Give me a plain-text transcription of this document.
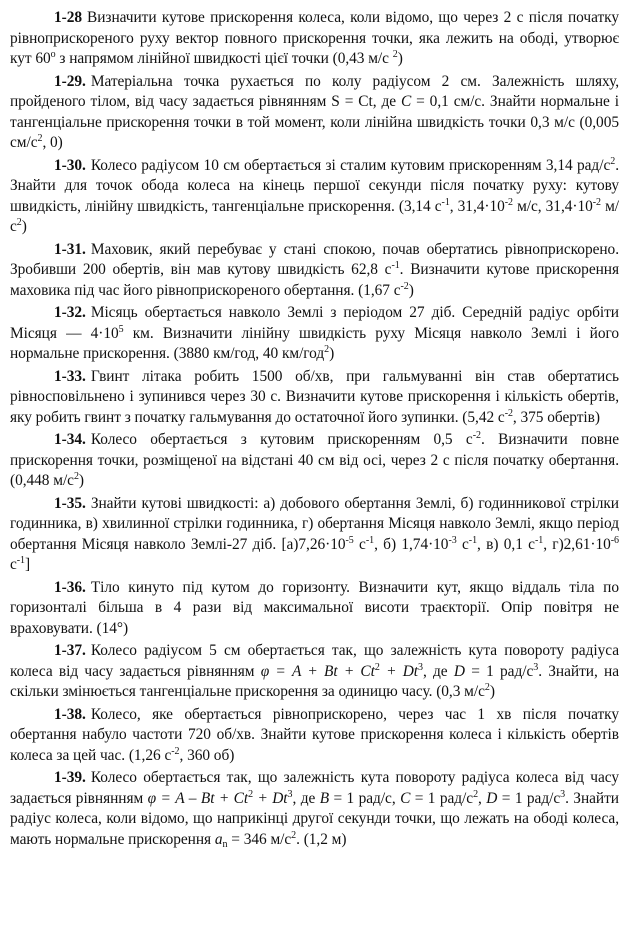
1-28 Визначити кутове прискорення колеса, коли відомо, що через 2 с після початку рівноприскореного руху вектор повного прискорення точки, яка лежить на ободі, утворює кут 60$^o$ з напрямом лінійної швидкості цієї точки (0,43 м/с $^2$)

1-29. Матеріальна точка рухається по колу радіусом 2 см. Залежність шляху, пройденого тілом, від часу задається рівнянням S = Ct, де C = 0,1 см/с. Знайти нормальне і тангенціальне прискорення точки в той момент, коли лінійна швидкість точки 0,3 м/с (0,005 $см/с^2$, 0)

1-30. Колесо радіусом 10 см обертається зі сталим кутовим прискоренням 3,14 рад/$с^2$. Знайти для точок обода колеса на кінець першої секунди після початку руху: кутову швидкість, лінійну швидкість, тангенціальне прискорення. (3,14 $с^{-1}$, $31,4\cdot 10^{-2}$ м/с, $31,4\cdot 10^{-2}$ $м/с^2$)

1-31. Маховик, який перебуває у стані спокою, почав обертатись рівноприскорено. Зробивши 200 обертів, він мав кутову швидкість 62,8 $с^{-1}$. Визначити кутове прискорення маховика під час його рівноприскореного обертання. (1,67 $с^{-2}$)

1-32. Місяць обертається навколо Землі з періодом 27 діб. Середній радіус орбіти Місяця — $4\cdot 10^5$ км. Визначити лінійну швидкість руху Місяця навколо Землі і його нормальне прискорення. (3880 км/год, 40 км/год$^2$)

1-33. Гвинт літака робить 1500 об/хв, при гальмуванні він став обертатись рівносповільнено і зупинився через 30 с. Визначити кутове прискорення і кількість обертів, яку робить гвинт з початку гальмування до остаточної його зупинки. (5,42 $с^{-2}$, 375 обертів)

1-34. Колесо обертається з кутовим прискоренням 0,5 $с^{-2}$. Визначити повне прискорення точки, розміщеної на відстані 40 см від осі, через 2 с після початку обертання. (0,448 $м/с^2$)

1-35. Знайти кутові швидкості: а) добового обертання Землі, б) годинникової стрілки годинника, в) хвилинної стрілки годинника, г) обертання Місяця навколо Землі, якщо період обертання Місяця навколо Землі-27 діб. $[а)7,26\cdot 10^{-5}$ $с^{-1}$, б) $1,74\cdot 10^{-3}$ $с^{-1}$, в) 0,1 $с^{-1}$, $г)2,61\cdot 10^{-6}$ $с^{-1}$]

1-36. Тіло кинуто під кутом до горизонту. Визначити кут, якщо віддаль тіла по горизонталі більша в 4 рази від максимальної висоти траєкторії. Опір повітря не враховувати. (14°)

1-37. Колесо радіусом 5 см обертається так, що залежність кута повороту радіуса колеса від часу задається рівнянням $\varphi = A + Bt + Ct^2 + Dt^3$, де D = 1 рад/$с^3$. Знайти, на скільки змінюється тангенціальне прискорення за одиницю часу. (0,3 $м/с^2$)

1-38. Колесо, яке обертається рівноприскорено, через час 1 хв після початку обертання набуло частоти 720 об/хв. Знайти кутове прискорення колеса і кількість обертів колеса за цей час. (1,26 $с^{-2}$, 360 об)

1-39. Колесо обертається так, що залежність кута повороту радіуса колеса від часу задається рівнянням $\varphi = A - Bt + Ct^2 + Dt^3$, де B = 1 рад/с, C = 1 рад/$с^2$, D = 1 рад/$с^3$. Знайти радіус колеса, коли відомо, що наприкінці другої секунди точки, що лежать на ободі колеса, мають нормальне прискорення $a_n = 346$ $м/с^2$. (1,2 м)
